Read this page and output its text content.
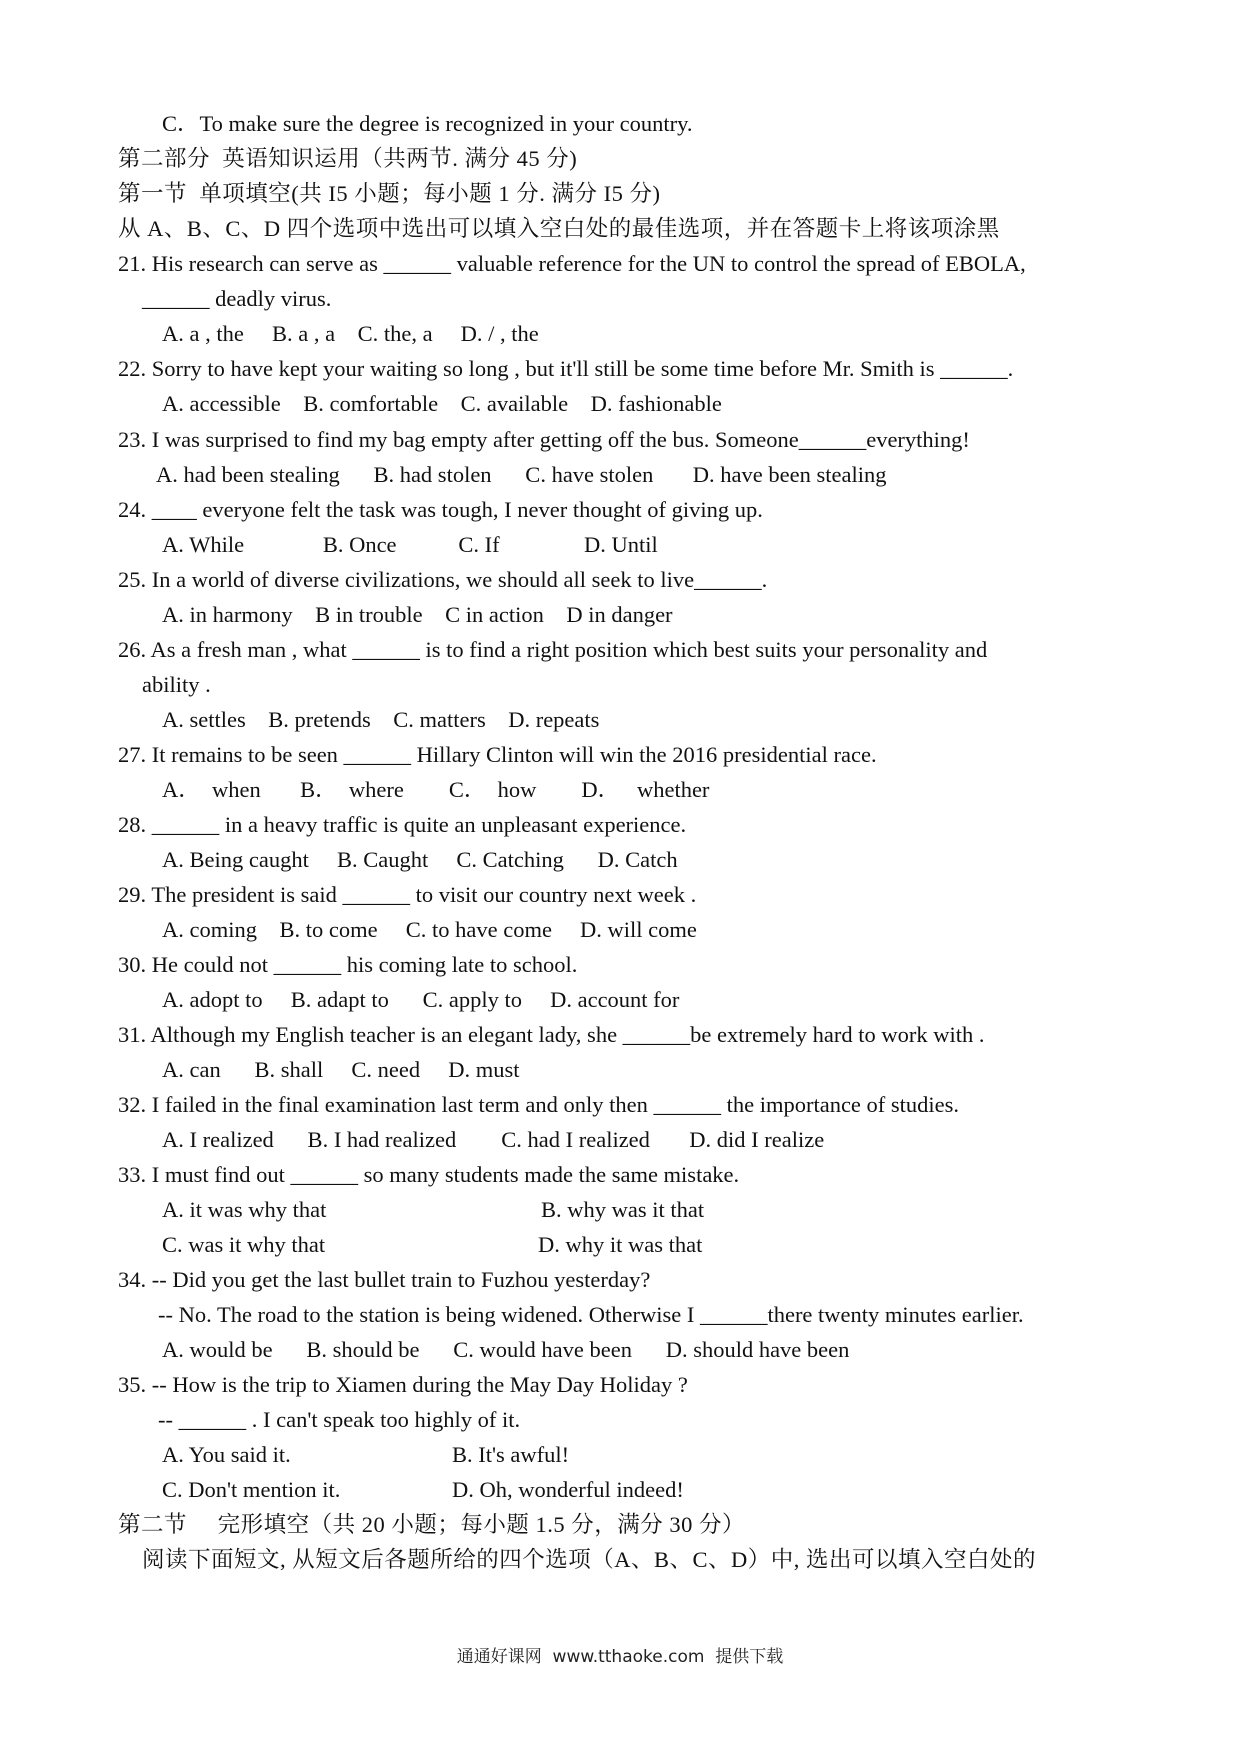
C．To make sure the degree is recognized in your country.
第二部分  英语知识运用（共两节. 满分 45 分)
第一节  单项填空(共 I5 小题；每小题 1 分. 满分 I5 分)
从 A、B、C、D 四个选项中选出可以填入空白处的最佳选项，并在答题卡上将该项涂黑
21. His research can serve as ______ valuable reference for the UN to control the spread of EBOLA,
______ deadly virus.
A. a , the     B. a , a    C. the, a     D. / , the
22. Sorry to have kept your waiting so long , but it'll still be some time before Mr. Smith is ______.
A. accessible    B. comfortable    C. available    D. fashionable
23. I was surprised to find my bag empty after getting off the bus. Someone______everything!
A. had been stealing      B. had stolen      C. have stolen       D. have been stealing
24. ____ everyone felt the task was tough, I never thought of giving up.
A. While              B. Once           C. If               D. Until
25. In a world of diverse civilizations, we should all seek to live______.
A. in harmony    B in trouble    C in action    D in danger
26. As a fresh man , what ______ is to find a right position which best suits your personality and
ability .
A. settles    B. pretends    C. matters    D. repeats
27. It remains to be seen ______ Hillary Clinton will win the 2016 presidential race.
A．  when       B．  where        C．  how        D．   whether
28. ______ in a heavy traffic is quite an unpleasant experience.
A. Being caught     B. Caught     C. Catching      D. Catch
29. The president is said ______ to visit our country next week .
A. coming    B. to come     C. to have come     D. will come
30. He could not ______ his coming late to school.
A. adopt to     B. adapt to      C. apply to     D. account for
31. Although my English teacher is an elegant lady, she ______be extremely hard to work with .
A. can      B. shall     C. need     D. must
32. I failed in the final examination last term and only then ______ the importance of studies.
A. I realized      B. I had realized        C. had I realized       D. did I realize
33. I must find out ______ so many students made the same mistake.
A. it was why that	B. why was it that
C. was it why that	D. why it was that
34. -- Did you get the last bullet train to Fuzhou yesterday?
-- No. The road to the station is being widened. Otherwise I ______there twenty minutes earlier.
A. would be      B. should be      C. would have been      D. should have been
35. -- How is the trip to Xiamen during the May Day Holiday ?
-- ______ . I can't speak too highly of it.
A. You said it.	B. It's awful!
C. Don't mention it.	D. Oh, wonderful indeed!
第二节     完形填空（共 20 小题；每小题 1.5 分，满分 30 分）
阅读下面短文, 从短文后各题所给的四个选项（A、B、C、D）中, 选出可以填入空白处的
通通好课网  www.tthaoke.com  提供下载
